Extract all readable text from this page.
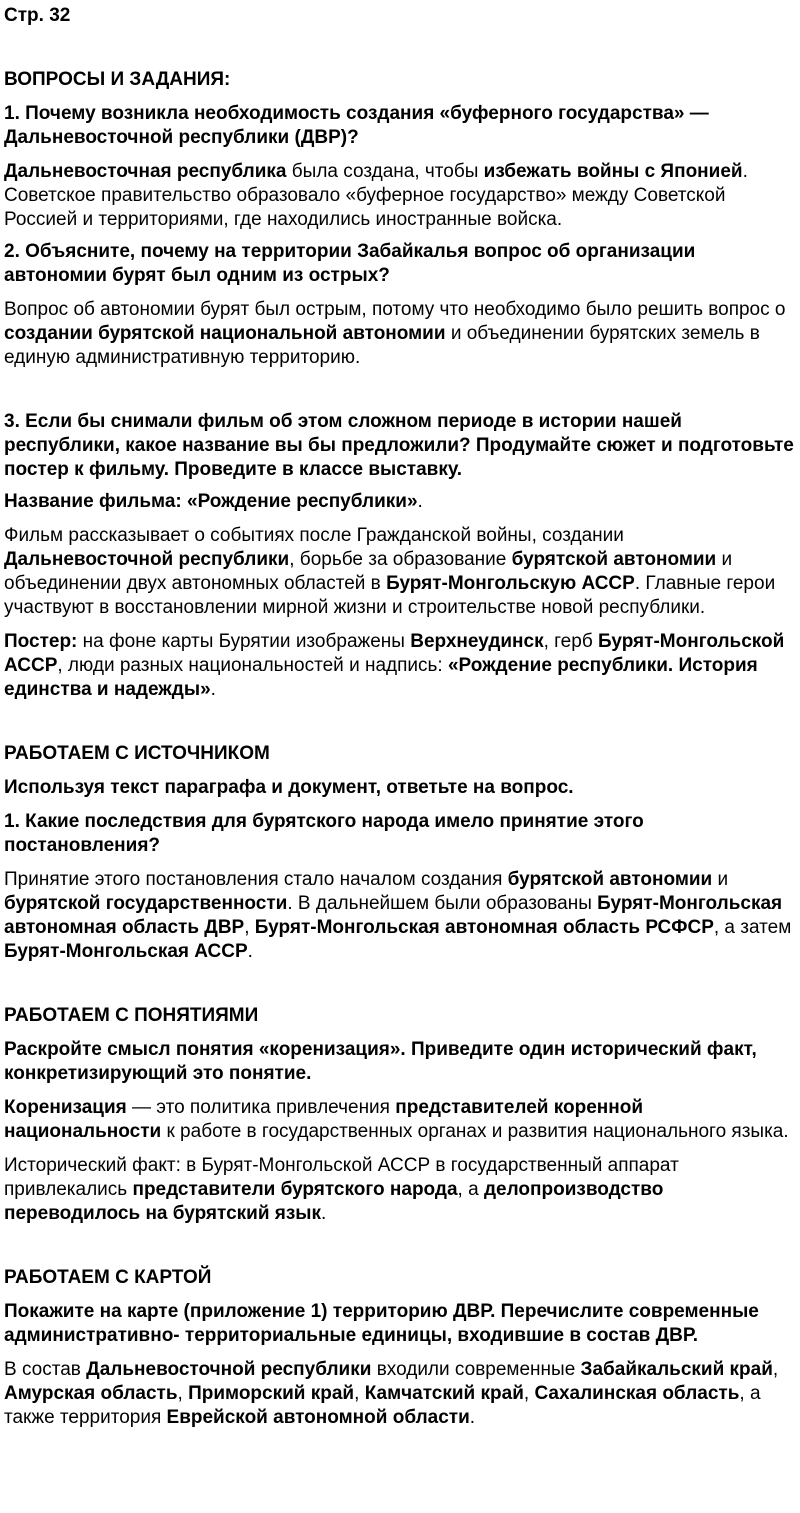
Стр. 32

ВОПРОСЫ И ЗАДАНИЯ:

1. Почему возникла необходимость создания «буферного государства» — Дальневосточной республики (ДВР)?

Дальневосточная республика была создана, чтобы избежать войны с Японией. Советское правительство образовало «буферное государство» между Советской Россией и территориями, где находились иностранные войска.

2. Объясните, почему на территории Забайкалья вопрос об организации автономии бурят был одним из острых?

Вопрос об автономии бурят был острым, потому что необходимо было решить вопрос о создании бурятской национальной автономии и объединении бурятских земель в единую административную территорию.

3. Если бы снимали фильм об этом сложном периоде в истории нашей республики, какое название вы бы предложили? Продумайте сюжет и подготовьте постер к фильму. Проведите в классе выставку.

Название фильма: «Рождение республики».

Фильм рассказывает о событиях после Гражданской войны, создании Дальневосточной республики, борьбе за образование бурятской автономии и объединении двух автономных областей в Бурят-Монгольскую АССР. Главные герои участвуют в восстановлении мирной жизни и строительстве новой республики.

Постер: на фоне карты Бурятии изображены Верхнеудинск, герб Бурят-Монгольской АССР, люди разных национальностей и надпись: «Рождение республики. История единства и надежды».

РАБОТАЕМ С ИСТОЧНИКОМ

Используя текст параграфа и документ, ответьте на вопрос.

1. Какие последствия для бурятского народа имело принятие этого постановления?

Принятие этого постановления стало началом создания бурятской автономии и бурятской государственности. В дальнейшем были образованы Бурят-Монгольская автономная область ДВР, Бурят-Монгольская автономная область РСФСР, а затем Бурят-Монгольская АССР.

РАБОТАЕМ С ПОНЯТИЯМИ

Раскройте смысл понятия «коренизация». Приведите один исторический факт, конкретизирующий это понятие.

Коренизация — это политика привлечения представителей коренной национальности к работе в государственных органах и развития национального языка.

Исторический факт: в Бурят-Монгольской АССР в государственный аппарат привлекались представители бурятского народа, а делопроизводство переводилось на бурятский язык.

РАБОТАЕМ С КАРТОЙ

Покажите на карте (приложение 1) территорию ДВР. Перечислите современные административно- территориальные единицы, входившие в состав ДВР.

В состав Дальневосточной республики входили современные Забайкальский край, Амурская область, Приморский край, Камчатский край, Сахалинская область, а также территория Еврейской автономной области.
